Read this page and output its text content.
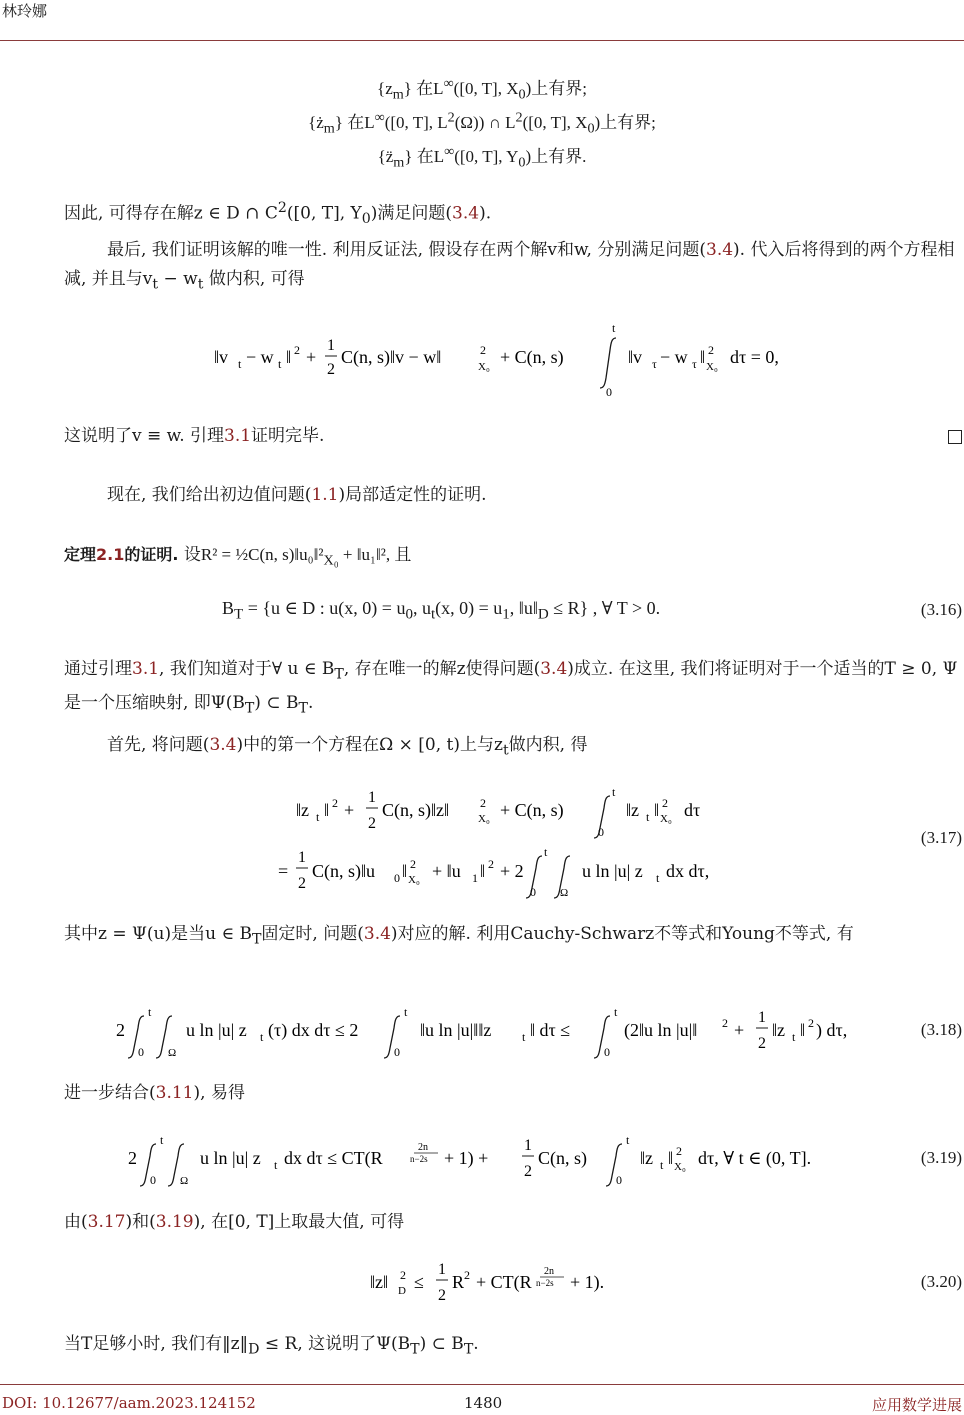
林玲娜
$\{z_m\}$ 在L∞([0, T], $X_0$)上有界;
$\{ż_m\}$ 在L∞([0, T], $L^2(\Omega)$) ∩ $L^2([0$, T], $X_0$)上有界;
$\{z̈_m\}$ 在L∞([0, T], $Y_0$)上有界.
因此, 可得存在解z ∈ D ∩ $C^2([0$, T], $Y_0$)满足问题(3.4).
最后, 我们证明该解的唯一性. 利用反证法, 假设存在两个解v和w, 分别满足问题(3.4). 代入后将得到的两个方程相减, 并且与$v_t - w_t$ 做内积, 可得
‖v t − w t ‖ 2 +
1
2
C(n, s)‖v − w‖	2
X₀ + C(n, s)
t
0
‖v τ − w τ ‖ 2
X₀ dτ = 0,
这说明了v ≡ w. 引理3.1证明完毕.
现在, 我们给出初边值问题(1.1)局部适定性的证明.
定理2.1的证明. 设R² = ½C(n, $s)‖u_0‖^2_{X_0}$ + ‖u₁‖², 且
$B_T = \{u$ ∈ D : u(x, $0) = u_0$, $u_t(x$, $0) = u_1$, $‖u‖_D \le R$} , ∀ T > 0.	(3.16)
通过引理3.1, 我们知道对于∀ u ∈ $B_T$, 存在唯一的解z使得问题(3.4)成立. 在这里, 我们将证明对于一个适当的T ≥ 0, Ψ 是一个压缩映射, 即$\Psi(B_T)$ ⊂ $B_T$.
首先, 将问题(3.4)中的第一个方程在Ω × [0, t)上与$z_t$做内积, 得
‖z t ‖ 2 +
1
2
C(n, s)‖z‖	2
X₀ + C(n, s)
t
0
‖z t ‖ 2
X₀ dτ
=
1
2
C(n, s)‖u 0 ‖ 2
X₀ + ‖u 1 ‖ 2 + 2
t
0 Ω
u ln |u| z t dx dτ,
(3.17)
其中z = Ψ(u)是当u ∈ $B_T$固定时, 问题(3.4)对应的解. 利用Cauchy-Schwarz不等式和Young不等式, 有
2
t
0 Ω
u ln |u| z t (τ) dx dτ ≤ 2
t
0
‖u ln |u|‖‖z	t ‖ dτ ≤
t
0
(2‖u ln |u|‖ 2 +
1
2
‖z t ‖ 2 ) dτ,	(3.18)
进一步结合(3.11), 易得
2
t
0 Ω
u ln |u| z t dx dτ ≤ CT(R
2n
n−2s + 1) +
1
2
C(n, s)
t
0
‖z t ‖ 2
X₀ dτ, ∀ t ∈ (0, T].	(3.19)
由(3.17)和(3.19), 在[0, T]上取最大值, 可得
‖z‖ 2
D ≤
1
2
R 2 + CT(R
2n
n−2s + 1).	(3.20)
当T足够小时, 我们有$‖z‖_D \le R$, 这说明了$\Psi(B_T)$ ⊂ $B_T$.
DOI: 10.12677/aam.2023.124152	1480	应用数学进展
